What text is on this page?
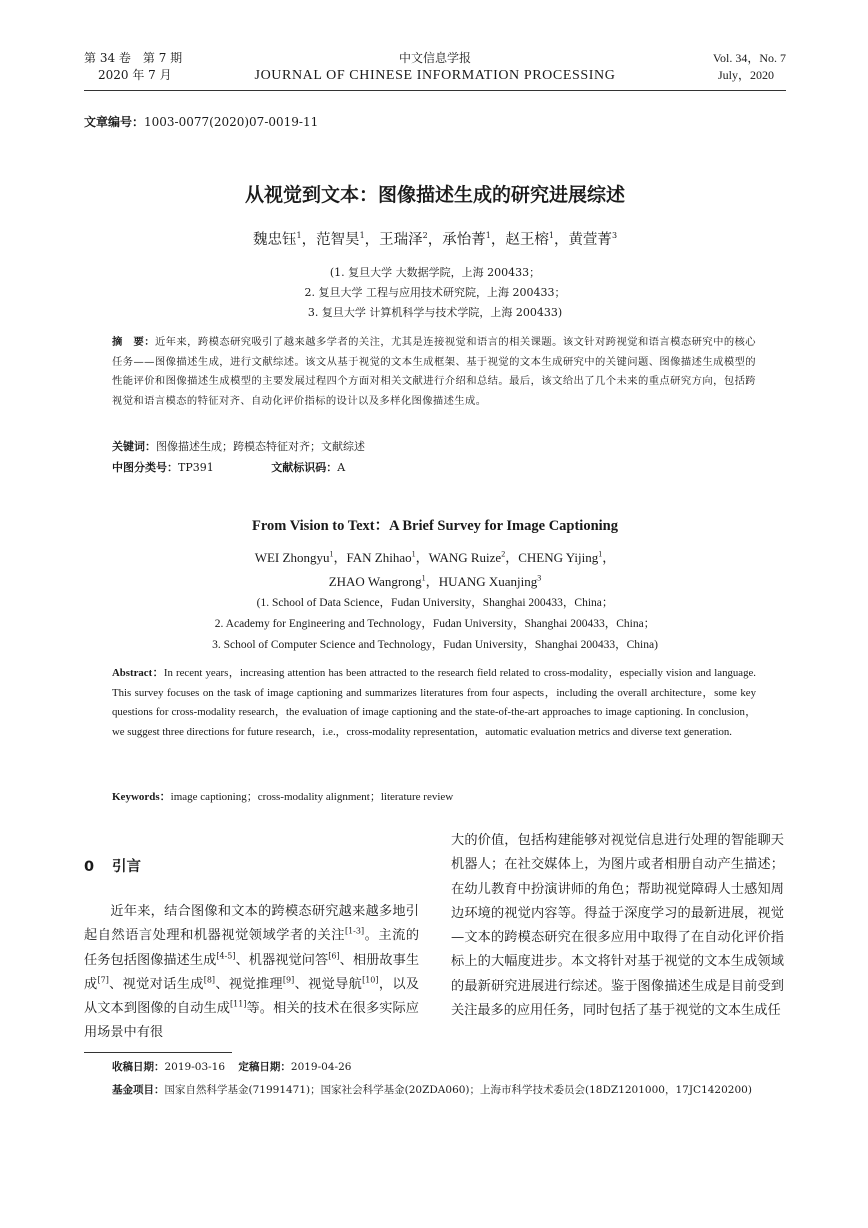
第 34 卷　第 7 期
2020 年 7 月
中文信息学报
JOURNAL OF CHINESE INFORMATION PROCESSING
Vol. 34，No. 7
July，2020
文章编号：1003-0077(2020)07-0019-11
从视觉到文本：图像描述生成的研究进展综述
魏忠钰$^1$，范智昊$^1$，王瑞泽$^2$，承怡菁$^1$，赵王榕$^1$，黄萱菁$^3$
(1. 复旦大学 大数据学院，上海 200433；
2. 复旦大学 工程与应用技术研究院，上海 200433；
3. 复旦大学 计算机科学与技术学院，上海 200433)
摘　要：近年来，跨模态研究吸引了越来越多学者的关注，尤其是连接视觉和语言的相关课题。该文针对跨视觉和语言模态研究中的核心任务——图像描述生成，进行文献综述。该文从基于视觉的文本生成框架、基于视觉的文本生成研究中的关键问题、图像描述生成模型的性能评价和图像描述生成模型的主要发展过程四个方面对相关文献进行介绍和总结。最后，该文给出了几个未来的重点研究方向，包括跨视觉和语言模态的特征对齐、自动化评价指标的设计以及多样化图像描述生成。
关键词：图像描述生成；跨模态特征对齐；文献综述
中图分类号：TP391	文献标识码：A
From Vision to Text：A Brief Survey for Image Captioning
WEI Zhongyu$^1$，FAN Zhihao$^1$，WANG Ruize$^2$，CHENG Yijing$^1$，
ZHAO Wangrong$^1$，HUANG Xuanjing$^3$
(1. School of Data Science，Fudan University，Shanghai 200433，China；
2. Academy for Engineering and Technology，Fudan University，Shanghai 200433，China；
3. School of Computer Science and Technology，Fudan University，Shanghai 200433，China)
Abstract：In recent years，increasing attention has been attracted to the research field related to cross-modality，especially vision and language. This survey focuses on the task of image captioning and summarizes literatures from four aspects，including the overall architecture，some key questions for cross-modality research，the evaluation of image captioning and the state-of-the-art approaches to image captioning. In conclusion，we suggest three directions for future research，i.e.，cross-modality representation，automatic evaluation metrics and diverse text generation.
Keywords：image captioning；cross-modality alignment；literature review
0 引言

近年来，结合图像和文本的跨模态研究越来越多地引起自然语言处理和机器视觉领域学者的关注[1-3]。主流的任务包括图像描述生成[4-5]、机器视觉问答[6]、相册故事生成[7]、视觉对话生成[8]、视觉推理[9]、视觉导航[10]，以及从文本到图像的自动生成[11]等。相关的技术在很多实际应用场景中有很

大的价值，包括构建能够对视觉信息进行处理的智能聊天机器人；在社交媒体上，为图片或者相册自动产生描述；在幼儿教育中扮演讲师的角色；帮助视觉障碍人士感知周边环境的视觉内容等。得益于深度学习的最新进展，视觉—文本的跨模态研究在很多应用中取得了在自动化评价指标上的大幅度进步。本文将针对基于视觉的文本生成领域的最新研究进展进行综述。鉴于图像描述生成是目前受到关注最多的应用任务，同时包括了基于视觉的文本生成任

收稿日期：2019-03-16 定稿日期：2019-04-26
基金项目：国家自然科学基金(71991471)；国家社会科学基金(20ZDA060)；上海市科学技术委员会(18DZ1201000，17JC1420200)
